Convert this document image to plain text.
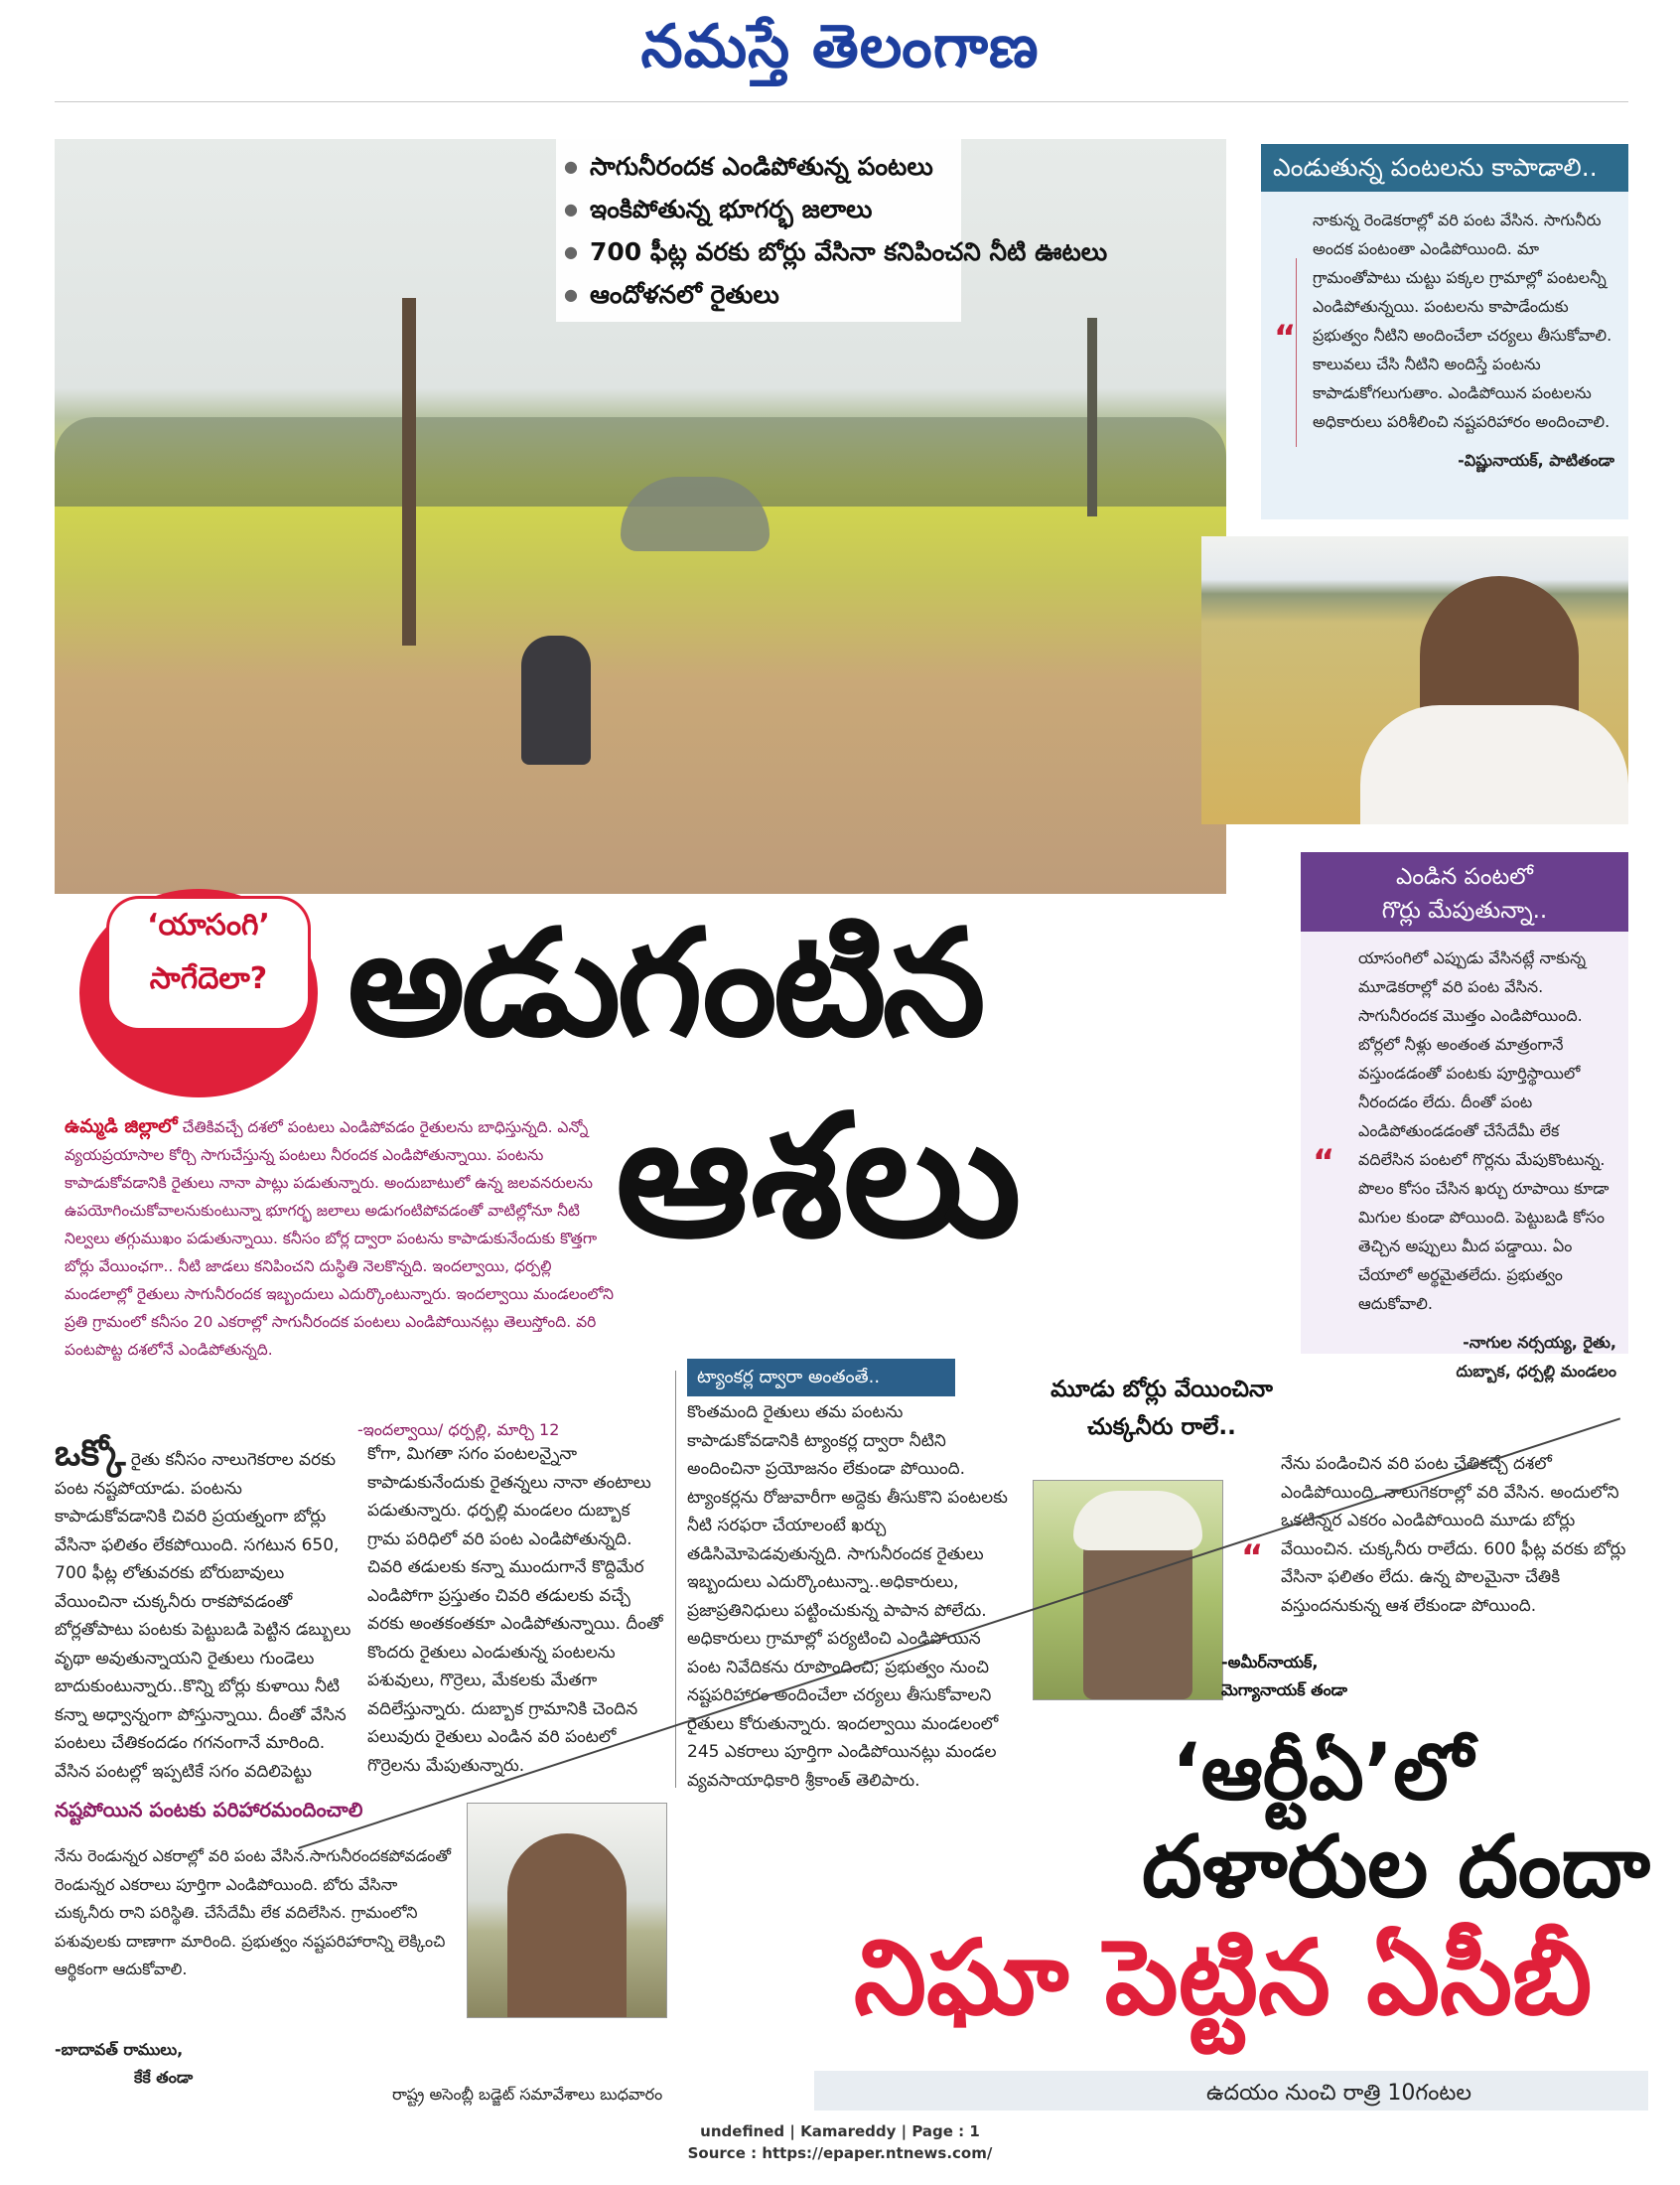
నమస్తే తెలంగాణ
● సాగునీరందక ఎండిపోతున్న పంటలు
● ఇంకిపోతున్న భూగర్భ జలాలు
● 700 ఫీట్ల వరకు బోర్లు వేసినా కనిపించని నీటి ఊటలు
● ఆందోళనలో రైతులు
ఎండుతున్న పంటలను కాపాడాలి..
నాకున్న రెండెకరాల్లో వరి పంట వేసిన. సాగునీరు అందక పంటంతా ఎండిపోయింది. మా గ్రామంతోపాటు చుట్టు పక్కల గ్రామాల్లో పంటలన్నీ ఎండిపోతున్నయి. పంటలను కాపాడేందుకు ప్రభుత్వం నీటిని అందించేలా చర్యలు తీసుకోవాలి. కాలువలు చేసి నీటిని అందిస్తే పంటను కాపాడుకోగలుగుతాం. ఎండిపోయిన పంటలను అధికారులు పరిశీలించి నష్టపరిహారం అందించాలి.
-విష్ణునాయక్‌, పాటితండా
“
ఎండిన పంటలో
గొర్లు మేపుతున్నా..
యాసంగిలో ఎప్పుడు వేసినట్లే నాకున్న మూడెకరాల్లో వరి పంట వేసిన. సాగునీరందక మొత్తం ఎండిపోయింది. బోర్లలో నీళ్లు అంతంత మాత్రంగానే వస్తుండడంతో పంటకు పూర్తిస్థాయిలో నీరందడం లేదు. దీంతో పంట ఎండిపోతుండడంతో చేసేదేమీ లేక వదిలేసిన పంటలో గొర్లను మేపుకొంటున్న. పొలం కోసం చేసిన ఖర్చు రూపాయి కూడా మిగుల కుండా పోయింది. పెట్టుబడి కోసం తెచ్చిన అప్పులు మీద పడ్డాయి. ఏం చేయాలో అర్థమైతలేదు. ప్రభుత్వం ఆదుకోవాలి.
-నాగుల నర్సయ్య, రైతు,
దుబ్బాక, ధర్పల్లి మండలం
“
‘యాసంగి’
సాగేదెలా? అడుగంటిన
ఆశలు
ఉమ్మడి జిల్లాలో చేతికివచ్చే దశలో పంటలు ఎండిపోవడం రైతులను బాధిస్తున్నది. ఎన్నో వ్యయప్రయాసాల కోర్చి సాగుచేస్తున్న పంటలు నీరందక ఎండిపోతున్నాయి. పంటను కాపాడుకోవడానికి రైతులు నానా పాట్లు పడుతున్నారు. అందుబాటులో ఉన్న జలవనరులను ఉపయోగించుకోవాలనుకుంటున్నా భూగర్భ జలాలు అడుగంటిపోవడంతో వాటిల్లోనూ నీటి నిల్వలు తగ్గుముఖం పడుతున్నాయి. కనీసం బోర్ల ద్వారా పంటను కాపాడుకునేందుకు కొత్తగా బోర్లు వేయింఛగా.. నీటి జాడలు కనిపించని దుస్థితి నెలకొన్నది. ఇందల్వాయి, ధర్పల్లి మండలాల్లో రైతులు సాగునీరందక ఇబ్బందులు ఎదుర్కొంటున్నారు. ఇందల్వాయి మండలంలోని ప్రతి గ్రామంలో కనీసం 20 ఎకరాల్లో సాగునీరందక పంటలు ఎండిపోయినట్లు తెలుస్తోంది. వరి పంటపొట్ట దశలోనే ఎండిపోతున్నది.
-ఇందల్వాయి/ ధర్పల్లి, మార్చి 12
ఒక్కో రైతు కనీసం నాలుగెకరాల వరకు పంట నష్టపోయాడు. పంటను కాపాడుకోవడానికి చివరి ప్రయత్నంగా బోర్లు వేసినా ఫలితం లేకపోయింది. సగటున 650, 700 ఫీట్ల లోతువరకు బోరుబావులు వేయించినా చుక్కనీరు రాకపోవడంతో బోర్లతోపాటు పంటకు పెట్టుబడి పెట్టిన డబ్బులు వృథా అవుతున్నాయని రైతులు గుండెలు బాదుకుంటున్నారు..కొన్ని బోర్లు కుళాయి నీటి కన్నా అధ్వాన్నంగా పోస్తున్నాయి. దీంతో వేసిన పంటలు చేతికందడం గగనంగానే మారింది. వేసిన పంటల్లో ఇప్పటికే సగం వదిలిపెట్టు
కోగా, మిగతా సగం పంటలన్నైనా కాపాడుకునేందుకు రైతన్నలు నానా తంటాలు పడుతున్నారు. ధర్పల్లి మండలం దుబ్బాక గ్రామ పరిధిలో వరి పంట ఎండిపోతున్నది. చివరి తడులకు కన్నా ముందుగానే కొద్దిమేర ఎండిపోగా ప్రస్తుతం చివరి తడులకు వచ్చే వరకు అంతకంతకూ ఎండిపోతున్నాయి. దీంతో కొందరు రైతులు ఎండుతున్న పంటలను పశువులు, గొర్రెలు, మేకలకు మేతగా వదిలేస్తున్నారు. దుబ్బాక గ్రామానికి చెందిన పలువురు రైతులు ఎండిన వరి పంటలో గొర్రెలను మేపుతున్నారు.
ట్యాంకర్ల ద్వారా అంతంతే..
కొంతమంది రైతులు తమ పంటను కాపాడుకోవడానికి ట్యాంకర్ల ద్వారా నీటిని అందించినా ప్రయోజనం లేకుండా పోయింది. ట్యాంకర్లను రోజువారీగా అద్దెకు తీసుకొని పంటలకు నీటి సరఫరా చేయాలంటే ఖర్చు తడిసిమోపెడవుతున్నది. సాగునీరందక రైతులు ఇబ్బందులు ఎదుర్కొంటున్నా..అధికారులు, ప్రజాప్రతినిధులు పట్టించుకున్న పాపాన పోలేదు. అధికారులు గ్రామాల్లో పర్యటించి ఎండిపోయిన పంట నివేదికను రూపొందించి; ప్రభుత్వం నుంచి నష్టపరిహారం అందించేలా చర్యలు తీసుకోవాలని రైతులు కోరుతున్నారు. ఇందల్వాయి మండలంలో 245 ఎకరాలు పూర్తిగా ఎండిపోయినట్లు మండల వ్యవసాయాధికారి శ్రీకాంత్‌ తెలిపారు.
మూడు బోర్లు వేయించినా
చుక్కనీరు రాలే..
నేను పండించిన వరి పంట చేతికచ్చే దశలో ఎండిపోయింది. నాలుగెకరాల్లో వరి వేసిన. అందులోని ఒకటిన్నర ఎకరం ఎండిపోయింది మూడు బోర్లు వేయించిన. చుక్కనీరు రాలేదు. 600 ఫీట్ల వరకు బోర్లు వేసినా ఫలితం లేదు. ఉన్న పొలమైనా చేతికి వస్తుందనుకున్న ఆశ లేకుండా పోయింది.
“
-అమీర్‌నాయక్‌,
మెగ్యానాయక్‌ తండా
నష్టపోయిన పంటకు పరిహారమందించాలి
నేను రెండున్నర ఎకరాల్లో వరి పంట వేసిన.సాగునీరందకపోవడంతో రెండున్నర ఎకరాలు పూర్తిగా ఎండిపోయింది. బోరు వేసినా చుక్కనీరు రాని పరిస్థితి. చేసేదేమీ లేక వదిలేసిన. గ్రామంలోని పశువులకు దాణాగా మారింది. ప్రభుత్వం నష్టపరిహారాన్ని లెక్కించి ఆర్థికంగా ఆదుకోవాలి.
-బాదావత్‌ రాములు,
కేకే తండా
రాష్ట్ర అసెంబ్లీ బడ్జెట్‌ సమావేశాలు బుధవారం
‘ఆర్టీఏ’లో
దళారుల దందా
నిఘా పెట్టిన ఏసీబీ
ఉదయం నుంచి రాత్రి 10గంటల
undefined | Kamareddy | Page : 1
Source : https://epaper.ntnews.com/
